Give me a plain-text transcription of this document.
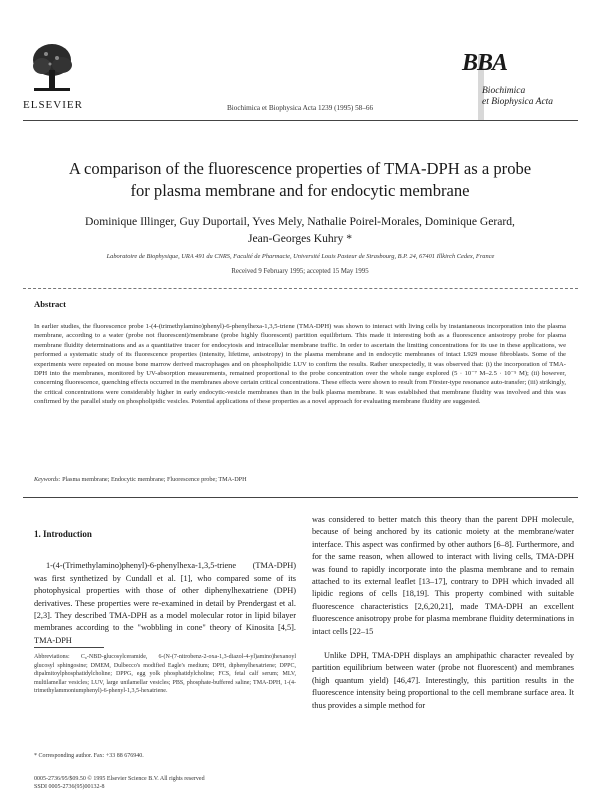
ELSEVIER	Biochimica et Biophysica Acta 1239 (1995) 58–66
BBA
Biochimica
et Biophysica Acta
A comparison of the fluorescence properties of TMA-DPH as a probe
for plasma membrane and for endocytic membrane
Dominique Illinger, Guy Duportail, Yves Mely, Nathalie Poirel-Morales, Dominique Gerard,
Jean-Georges Kuhry *
Laboratoire de Biophysique, URA 491 du CNRS, Faculté de Pharmacie, Université Louis Pasteur de Strasbourg, B.P. 24, 67401 Illkirch Cedex, France
Received 9 February 1995; accepted 15 May 1995
Abstract
In earlier studies, the fluorescence probe 1-(4-(trimethylamino)phenyl)-6-phenylhexa-1,3,5-triene (TMA-DPH) was shown to interact with living cells by instantaneous incorporation into the plasma membrane, according to a water (probe not fluorescent)/membrane (probe highly fluorescent) partition equilibrium. This made it interesting both as a fluorescence anisotropy probe for plasma membrane fluidity determinations and as a quantitative tracer for endocytosis and intracellular membrane traffic. In order to ascertain the limiting concentrations for its use in these applications, we performed a systematic study of its fluorescence properties (intensity, lifetime, anisotropy) in the plasma membrane and in endocytic membranes of intact L929 mouse fibroblasts. Some of the experiments were repeated on mouse bone marrow derived macrophages and on phospholipidic LUV to confirm the results. Rather unexpectedly, it was observed that: (i) the incorporation of TMA-DPH into the membranes, monitored by UV-absorption measurements, remained proportional to the probe concentration over the whole range explored (5 · 10⁻⁷ M–2.5 · 10⁻⁵ M); (ii) however, concerning fluorescence, quenching effects occurred in the membranes above certain critical concentrations. These effects were shown to result from Förster-type resonance auto-transfer; (iii) strikingly, the critical concentrations were considerably higher in early endocytic-vesicle membranes than in the bulk plasma membrane. It was established that membrane fluidity was involved and this was confirmed by the parallel study on phospholipidic vesicles. Potential applications of these properties as a novel approach for evaluating membrane fluidity are suggested.
Keywords: Plasma membrane; Endocytic membrane; Fluorescence probe; TMA-DPH
1. Introduction

1-(4-(Trimethylamino)phenyl)-6-phenylhexa-1,3,5-triene (TMA-DPH) was first synthetized by Cundall et al. [1], who compared some of its photophysical properties with those of other diphenylhexatriene (DPH) derivatives. These properties were re-examined in detail by Prendergast et al. [2,3]. They described TMA-DPH as a model molecular rotor in lipid bilayer membranes according to the "wobbling in cone" theory of Kinosita [4,5]. TMA-DPH

Abbreviations: C₆-NBD-glucosylceramide, 6-(N-(7-nitrobenz-2-oxa-1,3-diazol-4-yl)amino)hexanoyl glucosyl sphingosine; DMEM, Dulbecco's modified Eagle's medium; DPH, diphenylhexatriene; DPPC, dipalmitoylphosphatidylcholine; DPPG, egg yolk phosphatidylcholine; FCS, fetal calf serum; MLV, multilamellar vesicles; LUV, large unilamellar vesicles; PBS, phosphate-buffered saline; TMA-DPH, 1-(4-trimethylammoniumphenyl)-6-phenyl-1,3,5-hexatriene.
* Corresponding author. Fax: +33 88 676940.
0005-2736/95/$09.50 © 1995 Elsevier Science B.V. All rights reserved
SSDI 0005-2736(95)00132-8

was considered to better match this theory than the parent DPH molecule, because of being anchored by its cationic moiety at the membrane/water interface. This aspect was confirmed by other authors [6–8]. Furthermore, and for the same reason, when allowed to interact with living cells, TMA-DPH was found to rapidly incorporate into the plasma membrane and to remain attached to its external leaflet [13–17], contrary to DPH which invaded all lipidic regions of cells [18,19]. This property combined with suitable fluorescence characteristics [2,6,20,21], made TMA-DPH an excellent fluorescence anisotropy probe for plasma membrane fluidity determinations in intact cells [22–15

Unlike DPH, TMA-DPH displays an amphipathic character revealed by partition equilibrium between water (probe not fluorescent) and membranes (high quantum yield) [46,47]. Interestingly, this partition results in the fluorescence intensity being proportional to the cell membrane surface area. It thus provides a simple method for
